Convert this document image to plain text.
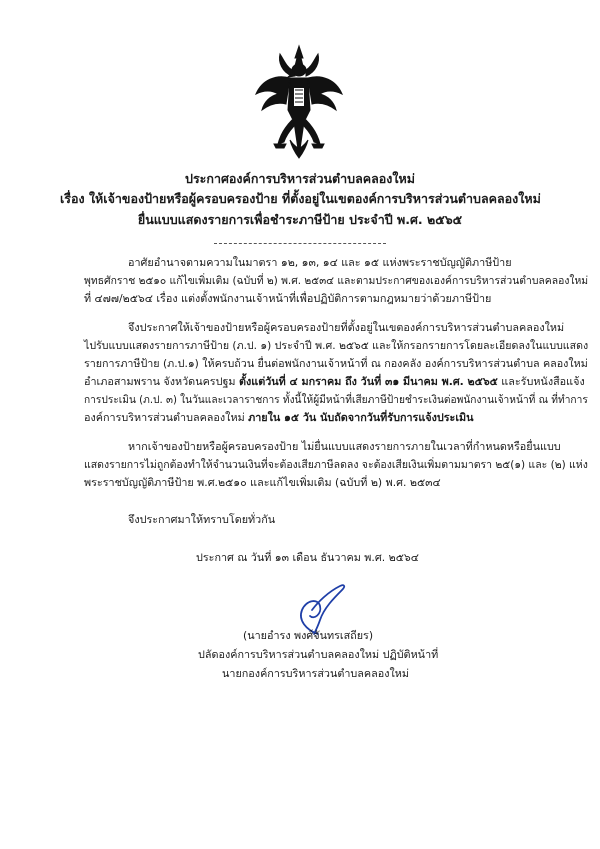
ประกาศองค์การบริหารส่วนตำบลคลองใหม่
เรื่อง ให้เจ้าของป้ายหรือผู้ครอบครองป้าย ที่ตั้งอยู่ในเขตองค์การบริหารส่วนตำบลคลองใหม่
ยื่นแบบแสดงรายการเพื่อชำระภาษีป้าย ประจำปี พ.ศ. ๒๕๖๕
อาศัยอำนาจตามความในมาตรา ๑๒, ๑๓, ๑๔ และ ๑๕ แห่งพระราชบัญญัติภาษีป้าย
พุทธศักราช ๒๕๑๐ แก้ไขเพิ่มเติม (ฉบับที่ ๒) พ.ศ. ๒๕๓๔ และตามประกาศของเองค์การบริหารส่วนตำบลคลองใหม่
ที่ ๔๗๗/๒๕๖๔ เรื่อง แต่งตั้งพนักงานเจ้าหน้าที่เพื่อปฏิบัติการตามกฎหมายว่าด้วยภาษีป้าย
จึงประกาศให้เจ้าของป้ายหรือผู้ครอบครองป้ายที่ตั้งอยู่ในเขตองค์การบริหารส่วนตำบลคลองใหม่
ไปรับแบบแสดงรายการภาษีป้าย (ภ.ป. ๑) ประจำปี พ.ศ. ๒๕๖๕ และให้กรอกรายการโดยละเอียดลงในแบบแสดง
รายการภาษีป้าย (ภ.ป.๑) ให้ครบถ้วน ยื่นต่อพนักงานเจ้าหน้าที่ ณ กองคลัง องค์การบริหารส่วนตำบล คลองใหม่
อำเภอสามพราน จังหวัดนครปฐม ตั้งแต่วันที่ ๔ มกราคม ถึง วันที่ ๓๑ มีนาคม พ.ศ. ๒๕๖๕ และรับหนังสือแจ้ง
การประเมิน (ภ.ป. ๓) ในวันและเวลาราชการ ทั้งนี้ให้ผู้มีหน้าที่เสียภาษีป้ายชำระเงินต่อพนักงานเจ้าหน้าที่ ณ ที่ทำการ
องค์การบริหารส่วนตำบลคลองใหม่ ภายใน ๑๕ วัน นับถัดจากวันที่รับการแจ้งประเมิน
หากเจ้าของป้ายหรือผู้ครอบครองป้าย ไม่ยื่นแบบแสดงรายการภายในเวลาที่กำหนดหรือยื่นแบบ
แสดงรายการไม่ถูกต้องทำให้จำนวนเงินที่จะต้องเสียภาษีลดลง จะต้องเสียเงินเพิ่มตามมาตรา ๒๕(๑) และ (๒) แห่ง
พระราชบัญญัติภาษีป้าย พ.ศ.๒๕๑๐ และแก้ไขเพิ่มเติม (ฉบับที่ ๒) พ.ศ. ๒๕๓๔
จึงประกาศมาให้ทราบโดยทั่วกัน
ประกาศ ณ วันที่ ๑๓ เดือน ธันวาคม พ.ศ. ๒๕๖๔
(นายอำรง พงศ์จันทรเสถียร)
ปลัดองค์การบริหารส่วนตำบลคลองใหม่ ปฏิบัติหน้าที่
นายกองค์การบริหารส่วนตำบลคลองใหม่
